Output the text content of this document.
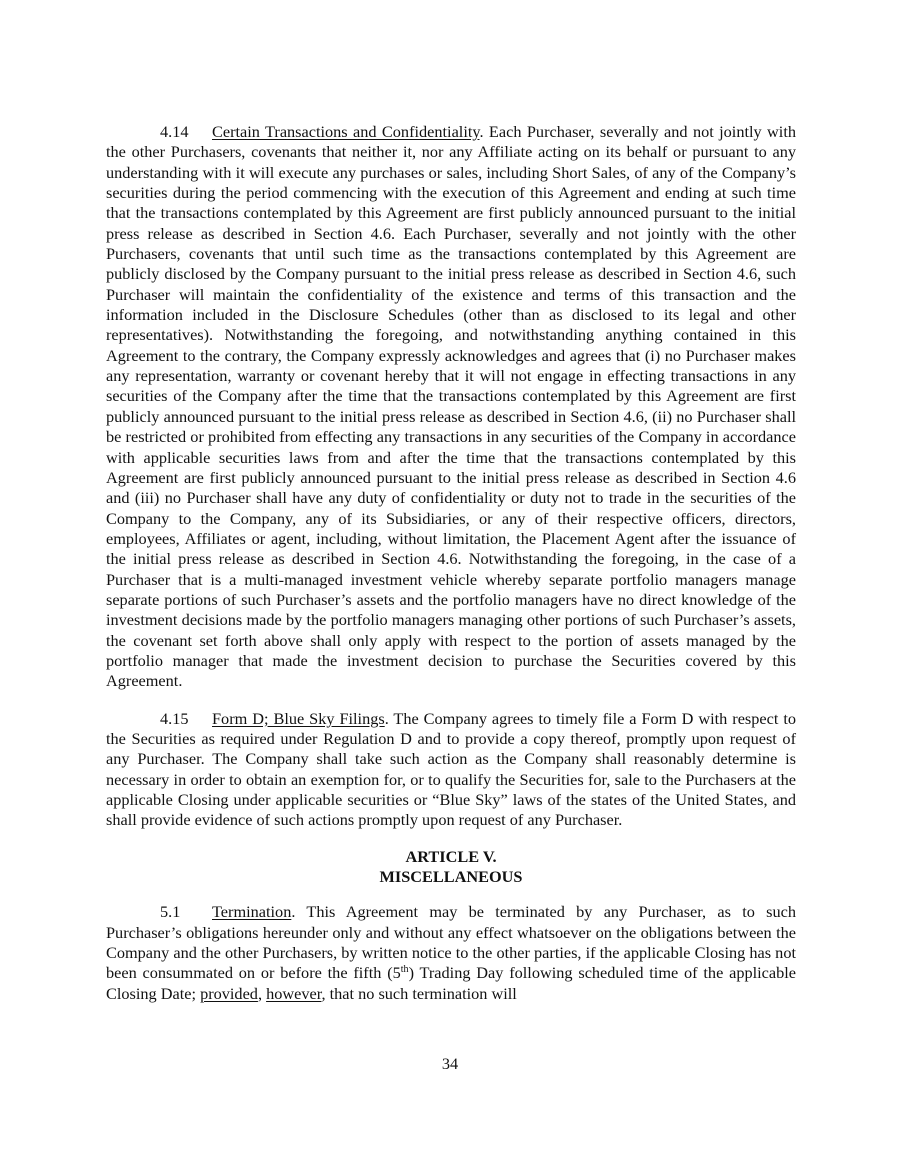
4.14 Certain Transactions and Confidentiality. Each Purchaser, severally and not jointly with the other Purchasers, covenants that neither it, nor any Affiliate acting on its behalf or pursuant to any understanding with it will execute any purchases or sales, including Short Sales, of any of the Company’s securities during the period commencing with the execution of this Agreement and ending at such time that the transactions contemplated by this Agreement are first publicly announced pursuant to the initial press release as described in Section 4.6. Each Purchaser, severally and not jointly with the other Purchasers, covenants that until such time as the transactions contemplated by this Agreement are publicly disclosed by the Company pursuant to the initial press release as described in Section 4.6, such Purchaser will maintain the confidentiality of the existence and terms of this transaction and the information included in the Disclosure Schedules (other than as disclosed to its legal and other representatives). Notwithstanding the foregoing, and notwithstanding anything contained in this Agreement to the contrary, the Company expressly acknowledges and agrees that (i) no Purchaser makes any representation, warranty or covenant hereby that it will not engage in effecting transactions in any securities of the Company after the time that the transactions contemplated by this Agreement are first publicly announced pursuant to the initial press release as described in Section 4.6, (ii) no Purchaser shall be restricted or prohibited from effecting any transactions in any securities of the Company in accordance with applicable securities laws from and after the time that the transactions contemplated by this Agreement are first publicly announced pursuant to the initial press release as described in Section 4.6 and (iii) no Purchaser shall have any duty of confidentiality or duty not to trade in the securities of the Company to the Company, any of its Subsidiaries, or any of their respective officers, directors, employees, Affiliates or agent, including, without limitation, the Placement Agent after the issuance of the initial press release as described in Section 4.6. Notwithstanding the foregoing, in the case of a Purchaser that is a multi-managed investment vehicle whereby separate portfolio managers manage separate portions of such Purchaser’s assets and the portfolio managers have no direct knowledge of the investment decisions made by the portfolio managers managing other portions of such Purchaser’s assets, the covenant set forth above shall only apply with respect to the portion of assets managed by the portfolio manager that made the investment decision to purchase the Securities covered by this Agreement.

4.15 Form D; Blue Sky Filings. The Company agrees to timely file a Form D with respect to the Securities as required under Regulation D and to provide a copy thereof, promptly upon request of any Purchaser. The Company shall take such action as the Company shall reasonably determine is necessary in order to obtain an exemption for, or to qualify the Securities for, sale to the Purchasers at the applicable Closing under applicable securities or “Blue Sky” laws of the states of the United States, and shall provide evidence of such actions promptly upon request of any Purchaser.

ARTICLE V.
MISCELLANEOUS

5.1 Termination. This Agreement may be terminated by any Purchaser, as to such Purchaser’s obligations hereunder only and without any effect whatsoever on the obligations between the Company and the other Purchasers, by written notice to the other parties, if the applicable Closing has not been consummated on or before the fifth (5th) Trading Day following scheduled time of the applicable Closing Date; provided, however, that no such termination will

34
